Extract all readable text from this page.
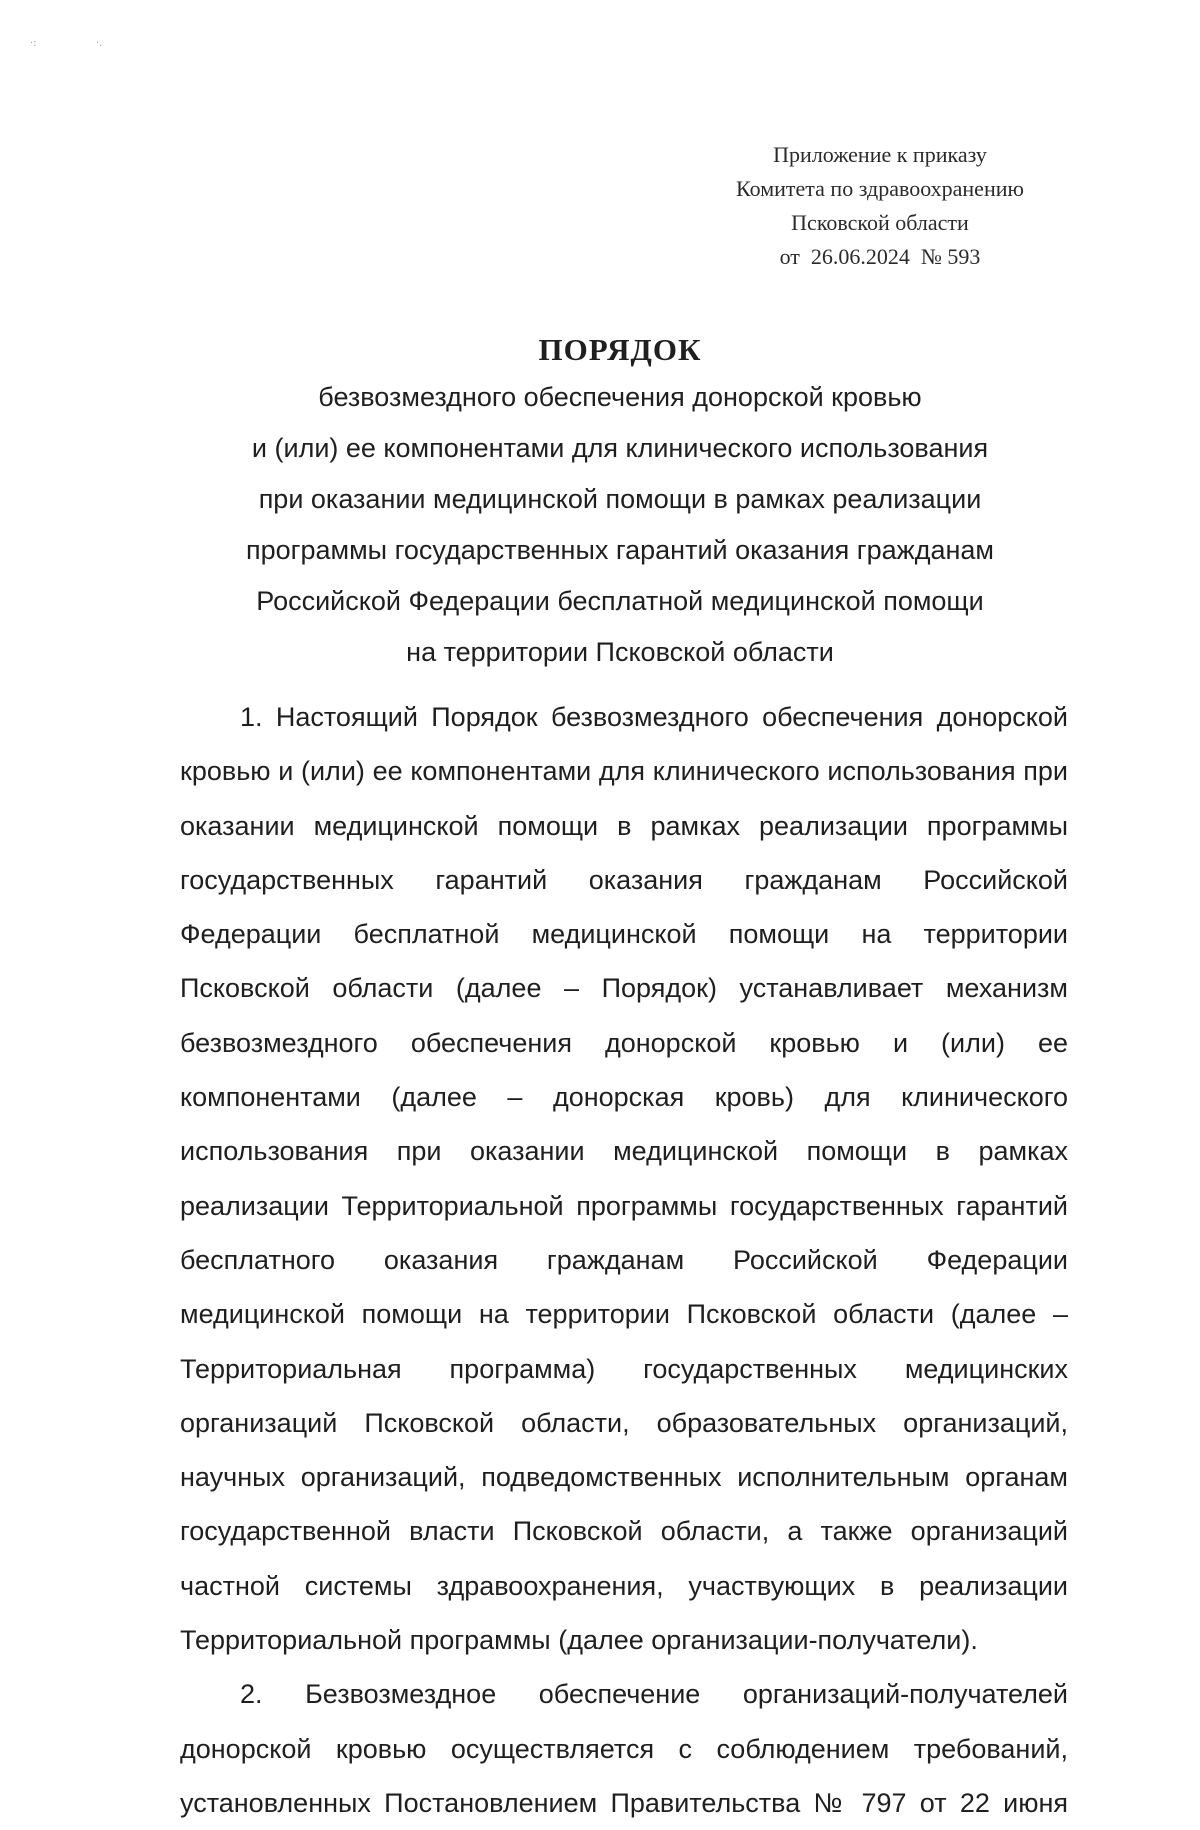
·:	·.
Приложение к приказу
Комитета по здравоохранению
Псковской области
от  26.06.2024  № 593
ПОРЯДОК
безвозмездного обеспечения донорской кровью
и (или) ее компонентами для клинического использования
при оказании медицинской помощи в рамках реализации
программы государственных гарантий оказания гражданам
Российской Федерации бесплатной медицинской помощи
на территории Псковской области

1. Настоящий Порядок безвозмездного обеспечения донорской кровью и (или) ее компонентами для клинического использования при оказании медицинской помощи в рамках реализации программы государственных гарантий оказания гражданам Российской Федерации бесплатной медицинской помощи на территории Псковской области (далее – Порядок) устанавливает механизм безвозмездного обеспечения донорской кровью и (или) ее компонентами (далее – донорская кровь) для клинического использования при оказании медицинской помощи в рамках реализации Территориальной программы государственных гарантий бесплатного оказания гражданам Российской Федерации медицинской помощи на территории Псковской области (далее – Территориальная программа) государственных медицинских организаций Псковской области, образовательных организаций, научных организаций, подведомственных исполнительным органам государственной власти Псковской области, а также организаций частной системы здравоохранения, участвующих в реализации Территориальной программы (далее организации-получатели).

2. Безвозмездное обеспечение организаций-получателей донорской кровью осуществляется с соблюдением требований, установленных Постановлением Правительства № 797 от 22 июня
